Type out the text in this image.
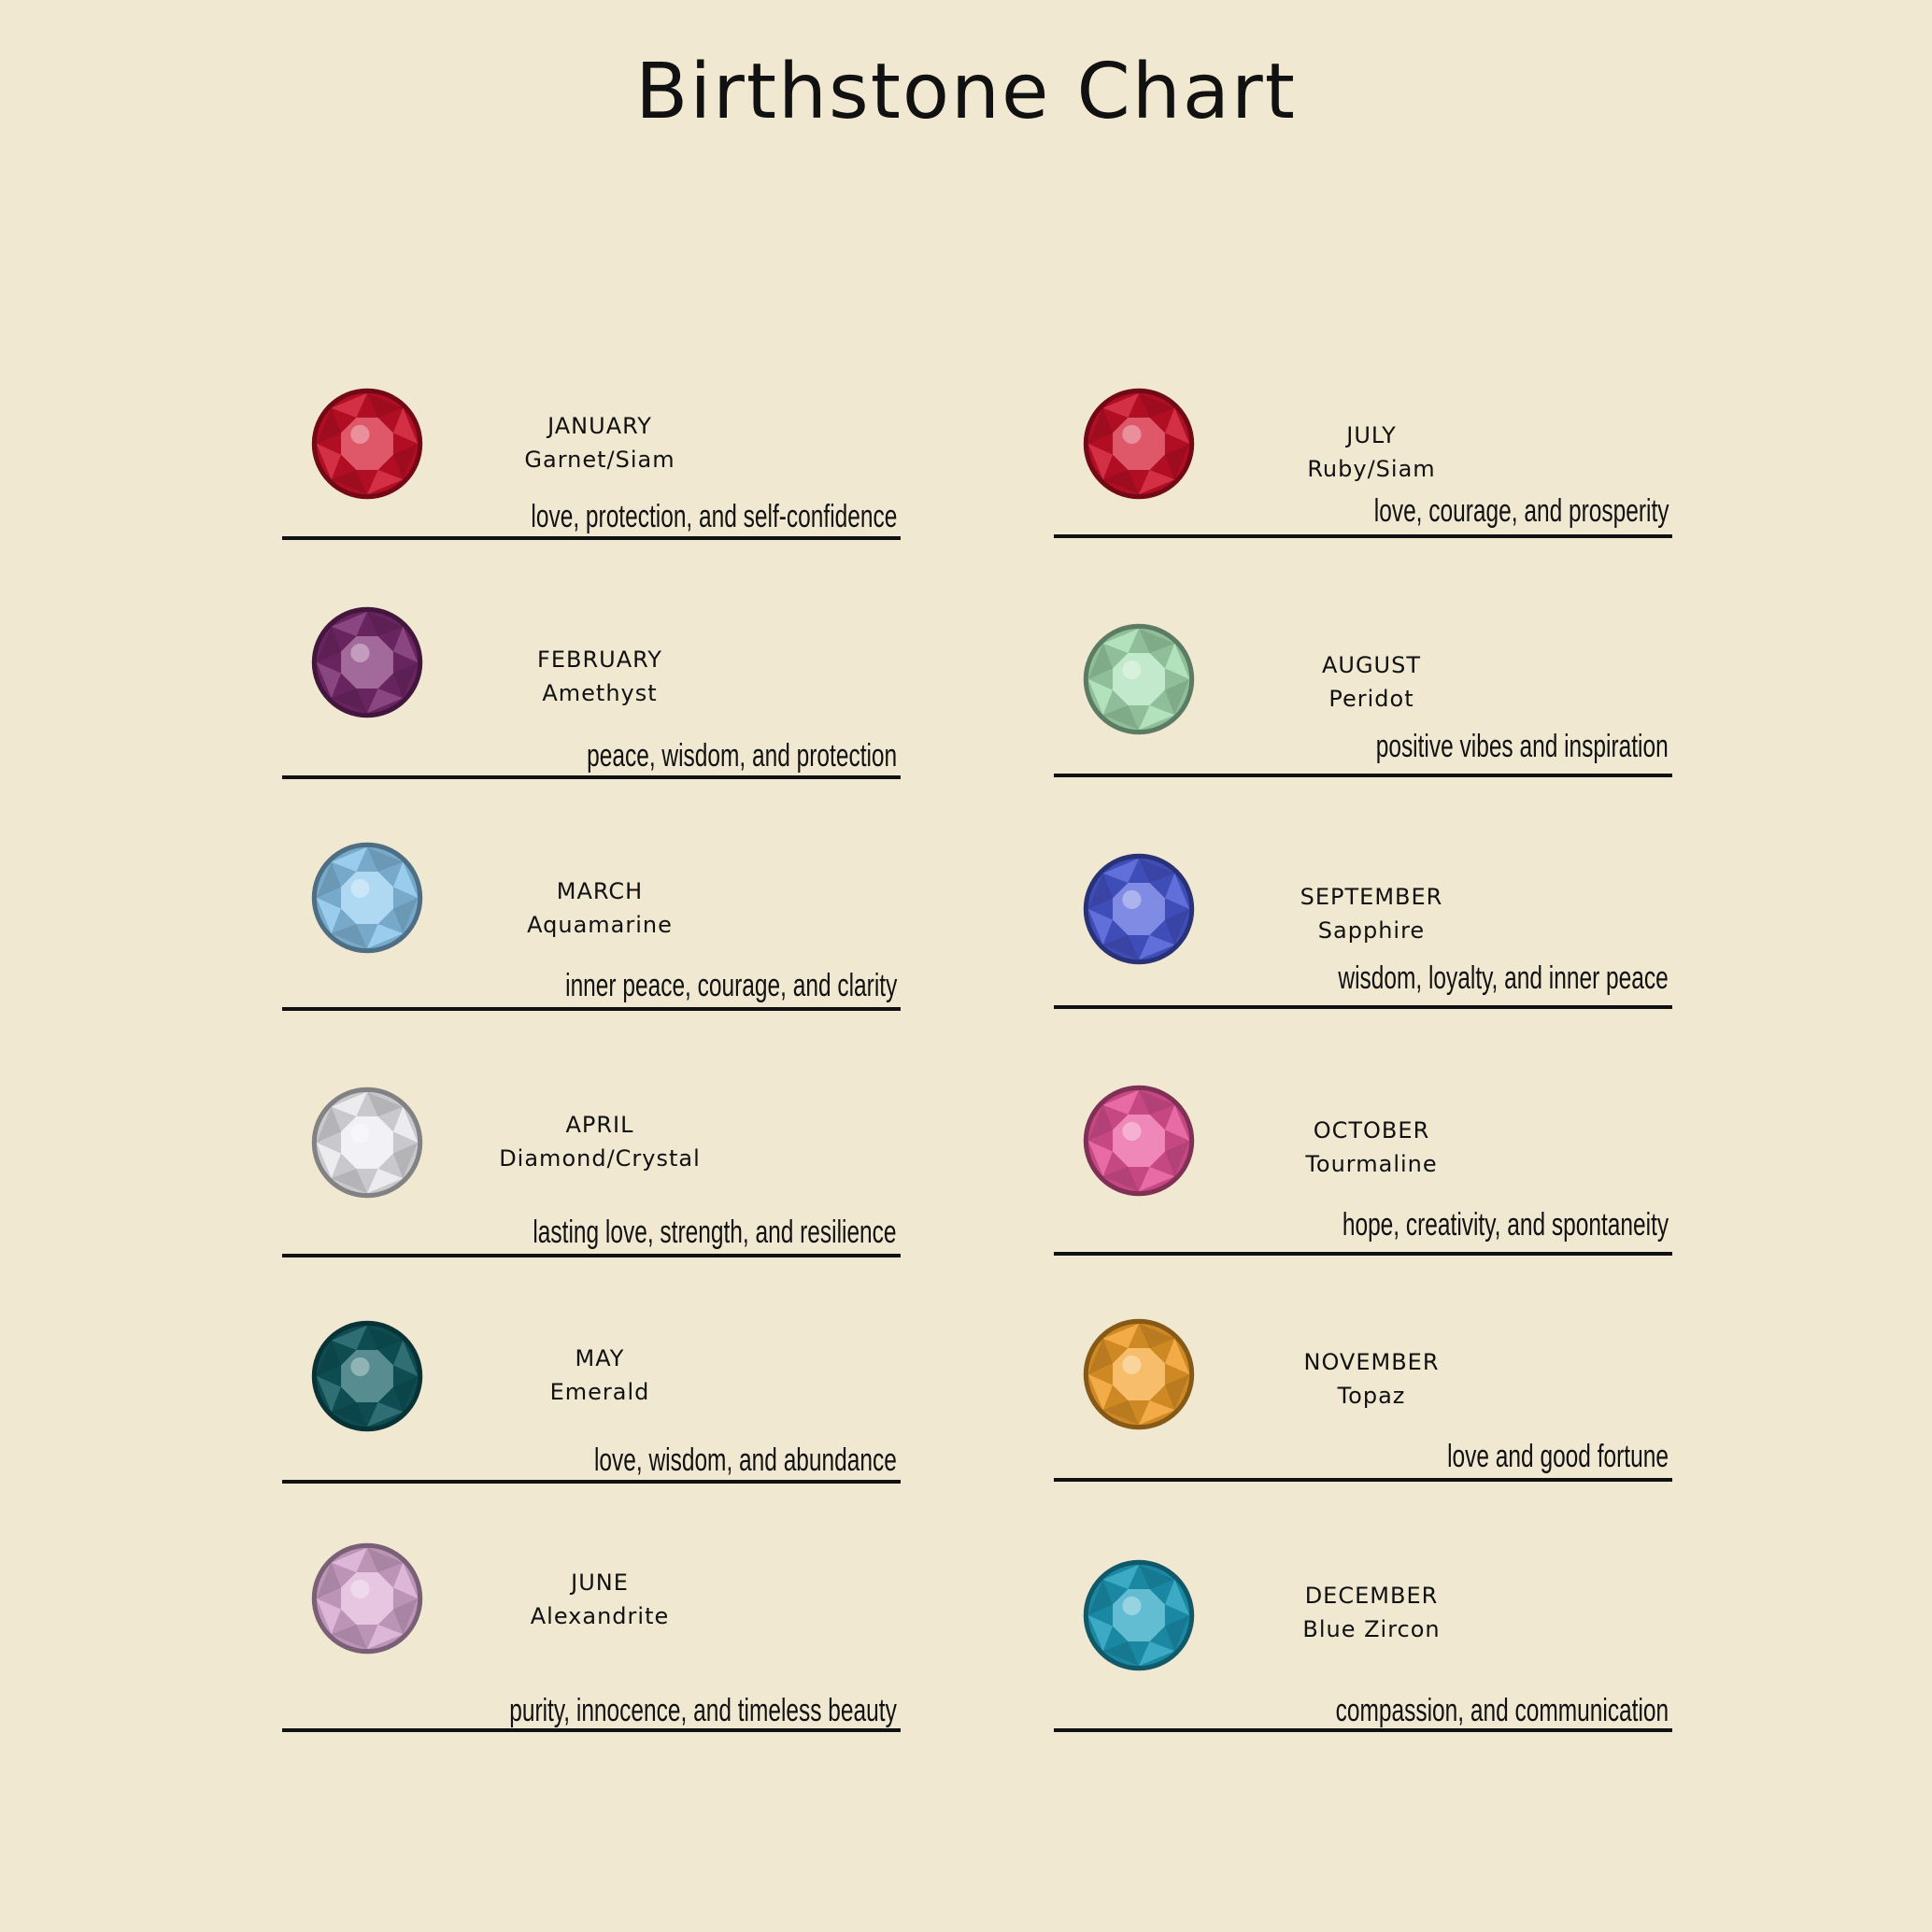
Birthstone Chart
JANUARY
Garnet/Siam
love, protection, and self-confidence
FEBRUARY
Amethyst
peace, wisdom, and protection
MARCH
Aquamarine
inner peace, courage, and clarity
APRIL
Diamond/Crystal
lasting love, strength, and resilience
MAY
Emerald
love, wisdom, and abundance
JUNE
Alexandrite
purity, innocence, and timeless beauty
JULY
Ruby/Siam
love, courage, and prosperity
AUGUST
Peridot
positive vibes and inspiration
SEPTEMBER
Sapphire
wisdom, loyalty, and inner peace
OCTOBER
Tourmaline
hope, creativity, and spontaneity
NOVEMBER
Topaz
love and good fortune
DECEMBER
Blue Zircon
compassion, and communication
